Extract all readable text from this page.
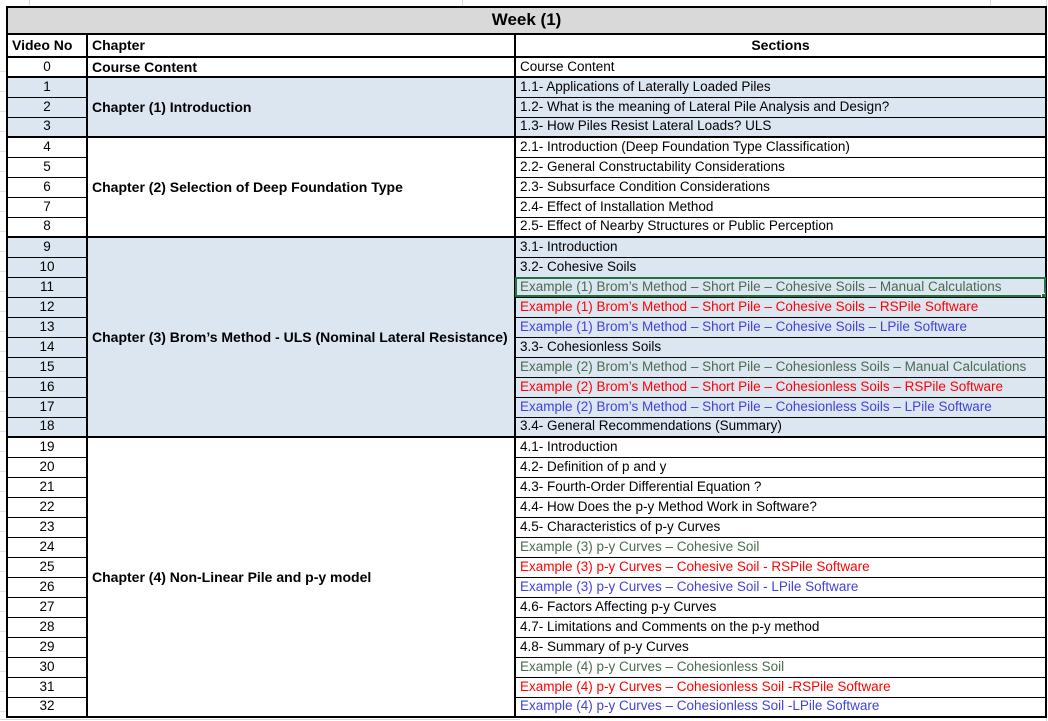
Week (1)		
Video No	Chapter	Sections
0	Course Content	Course Content
1	Chapter (1) Introduction	1.1- Applications of Laterally Loaded Piles
2		1.2- What is the meaning of Lateral Pile Analysis and Design?
3		1.3- How Piles Resist Lateral Loads? ULS
4	Chapter (2) Selection of Deep Foundation Type	2.1- Introduction (Deep Foundation Type Classification)
5		2.2- General Constructability Considerations
6		2.3- Subsurface Condition Considerations
7		2.4- Effect of Installation Method
8		2.5- Effect of Nearby Structures or Public Perception
9	Chapter (3) Brom’s Method - ULS (Nominal Lateral Resistance)	3.1- Introduction
10		3.2- Cohesive Soils
11		Example (1) Brom’s Method – Short Pile – Cohesive Soils – Manual Calculations
12		Example (1) Brom’s Method – Short Pile – Cohesive Soils – RSPile Software
13		Example (1) Brom’s Method – Short Pile – Cohesive Soils – LPile Software
14		3.3- Cohesionless Soils
15		Example (2) Brom’s Method – Short Pile – Cohesionless Soils – Manual Calculations
16		Example (2) Brom’s Method – Short Pile – Cohesionless Soils – RSPile Software
17		Example (2) Brom’s Method – Short Pile – Cohesionless Soils – LPile Software
18		3.4- General Recommendations (Summary)
19	Chapter (4) Non-Linear Pile and p-y model	4.1- Introduction
20		4.2- Definition of p and y
21		4.3- Fourth-Order Differential Equation ?
22		4.4- How Does the p-y Method Work in Software?
23		4.5- Characteristics of p-y Curves
24		Example (3) p-y Curves – Cohesive Soil
25		Example (3) p-y Curves – Cohesive Soil - RSPile Software
26		Example (3) p-y Curves – Cohesive Soil - LPile Software
27		4.6- Factors Affecting p-y Curves
28		4.7- Limitations and Comments on the p-y method
29		4.8- Summary of p-y Curves
30		Example (4) p-y Curves – Cohesionless Soil
31		Example (4) p-y Curves – Cohesionless Soil -RSPile Software
32		Example (4) p-y Curves – Cohesionless Soil -LPile Software
